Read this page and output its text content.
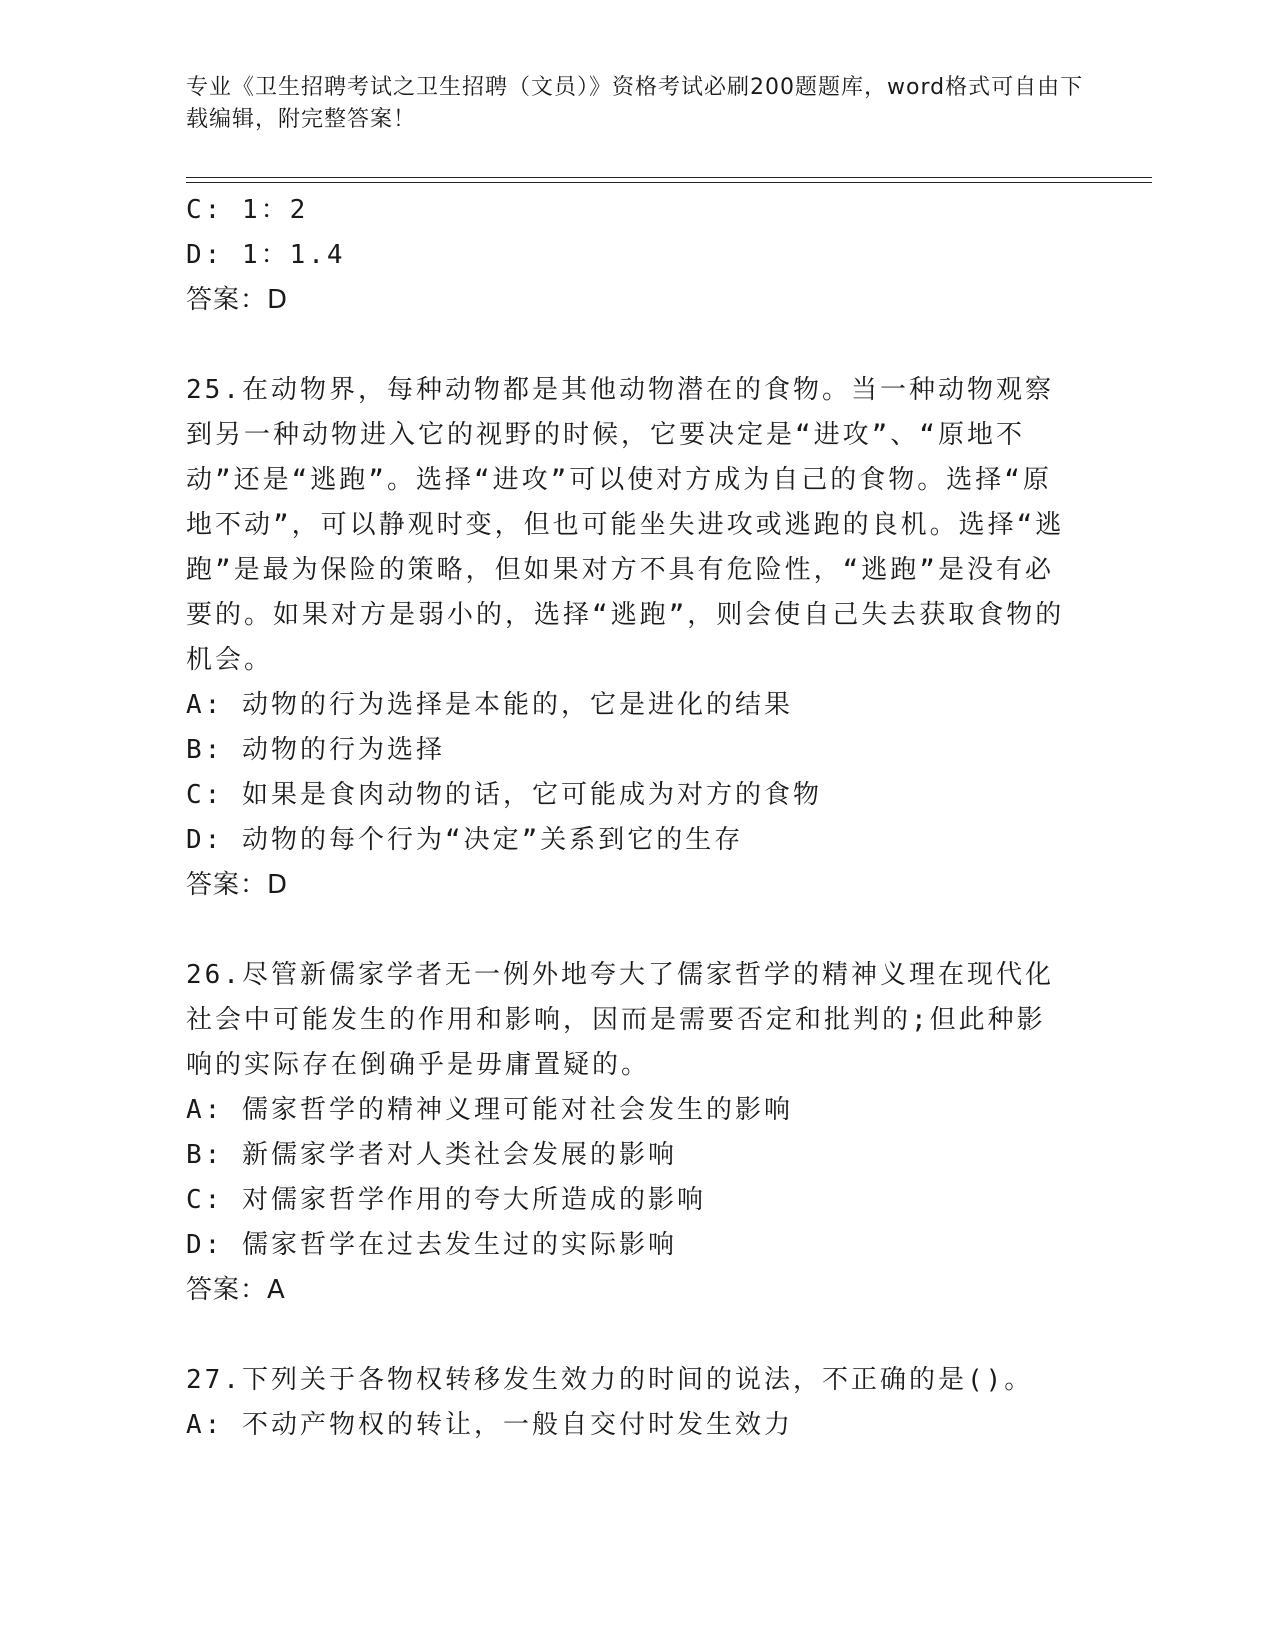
专业《卫生招聘考试之卫生招聘（文员）》资格考试必刷200题题库，word格式可自由下载编辑，附完整答案！
C: 1：2
D: 1：1.4
答案：D
25.在动物界，每种动物都是其他动物潜在的食物。当一种动物观察到另一种动物进入它的视野的时候，它要决定是“进攻”、“原地不动”还是“逃跑”。选择“进攻”可以使对方成为自己的食物。选择“原地不动”，可以静观时变，但也可能坐失进攻或逃跑的良机。选择“逃跑”是最为保险的策略，但如果对方不具有危险性，“逃跑”是没有必要的。如果对方是弱小的，选择“逃跑”，则会使自己失去获取食物的机会。
A: 动物的行为选择是本能的，它是进化的结果
B: 动物的行为选择
C: 如果是食肉动物的话，它可能成为对方的食物
D: 动物的每个行为“决定”关系到它的生存
答案：D
26.尽管新儒家学者无一例外地夸大了儒家哲学的精神义理在现代化社会中可能发生的作用和影响，因而是需要否定和批判的;但此种影响的实际存在倒确乎是毋庸置疑的。
A: 儒家哲学的精神义理可能对社会发生的影响
B: 新儒家学者对人类社会发展的影响
C: 对儒家哲学作用的夸大所造成的影响
D: 儒家哲学在过去发生过的实际影响
答案：A
27.下列关于各物权转移发生效力的时间的说法，不正确的是()。
A: 不动产物权的转让，一般自交付时发生效力
